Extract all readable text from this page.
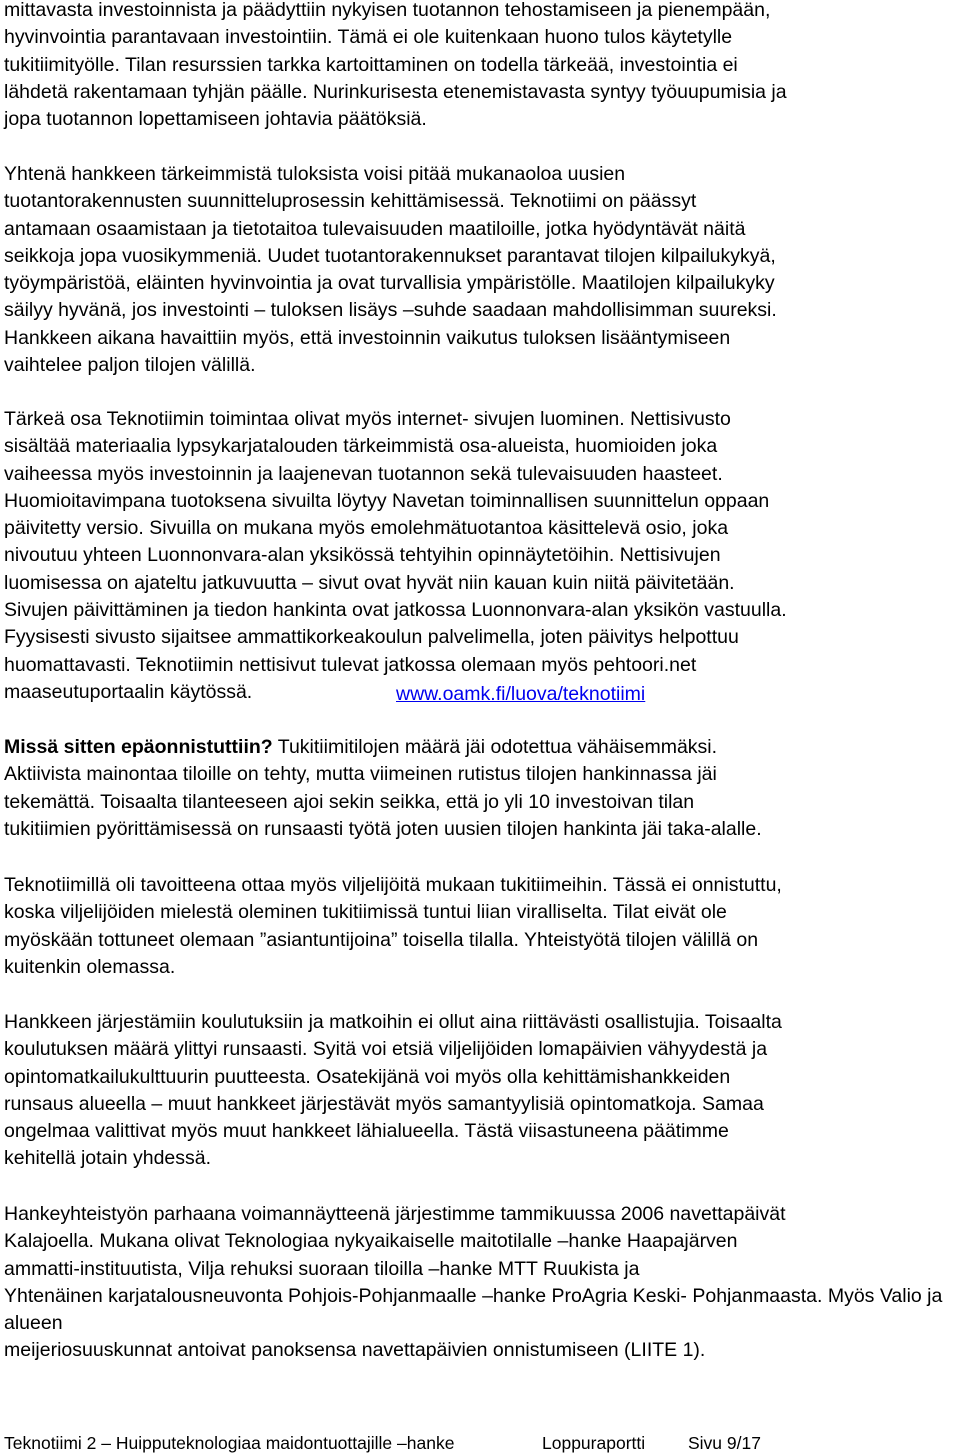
mittavasta investoinnista ja päädyttiin nykyisen tuotannon tehostamiseen ja pienempään,
hyvinvointia parantavaan investointiin. Tämä ei ole kuitenkaan huono tulos käytetylle
tukitiimityölle. Tilan resurssien tarkka kartoittaminen on todella tärkeää, investointia ei
lähdetä rakentamaan tyhjän päälle. Nurinkurisesta etenemistavasta syntyy työuupumisia ja
jopa tuotannon lopettamiseen johtavia päätöksiä.

Yhtenä hankkeen tärkeimmistä tuloksista voisi pitää mukanaoloa uusien
tuotantorakennusten suunnitteluprosessin kehittämisessä. Teknotiimi on päässyt
antamaan osaamistaan ja tietotaitoa tulevaisuuden maatiloille, jotka hyödyntävät näitä
seikkoja jopa vuosikymmeniä. Uudet tuotantorakennukset parantavat tilojen kilpailukykyä,
työympäristöä, eläinten hyvinvointia ja ovat turvallisia ympäristölle. Maatilojen kilpailukyky
säilyy hyvänä, jos investointi – tuloksen lisäys –suhde saadaan mahdollisimman suureksi.
Hankkeen aikana havaittiin myös, että investoinnin vaikutus tuloksen lisääntymiseen
vaihtelee paljon tilojen välillä.

Tärkeä osa Teknotiimin toimintaa olivat myös internet- sivujen luominen. Nettisivusto
sisältää materiaalia lypsykarjatalouden tärkeimmistä osa-alueista, huomioiden joka
vaiheessa myös investoinnin ja laajenevan tuotannon sekä tulevaisuuden haasteet.
Huomioitavimpana tuotoksena sivuilta löytyy Navetan toiminnallisen suunnittelun oppaan
päivitetty versio. Sivuilla on mukana myös emolehmätuotantoa käsittelevä osio, joka
nivoutuu yhteen Luonnonvara-alan yksikössä tehtyihin opinnäytetöihin. Nettisivujen
luomisessa on ajateltu jatkuvuutta – sivut ovat hyvät niin kauan kuin niitä päivitetään.
Sivujen päivittäminen ja tiedon hankinta ovat jatkossa Luonnonvara-alan yksikön vastuulla.
Fyysisesti sivusto sijaitsee ammattikorkeakoulun palvelimella, joten päivitys helpottuu
huomattavasti. Teknotiimin nettisivut tulevat jatkossa olemaan myös pehtoori.net
maaseutuportaalin käytössä.	www.oamk.fi/luova/teknotiimi

Missä sitten epäonnistuttiin? Tukitiimitilojen määrä jäi odotettua vähäisemmäksi.
Aktiivista mainontaa tiloille on tehty, mutta viimeinen rutistus tilojen hankinnassa jäi
tekemättä. Toisaalta tilanteeseen ajoi sekin seikka, että jo yli 10 investoivan tilan
tukitiimien pyörittämisessä on runsaasti työtä joten uusien tilojen hankinta jäi taka-alalle.

Teknotiimillä oli tavoitteena ottaa myös viljelijöitä mukaan tukitiimeihin. Tässä ei onnistuttu,
koska viljelijöiden mielestä oleminen tukitiimissä tuntui liian viralliselta. Tilat eivät ole
myöskään tottuneet olemaan ”asiantuntijoina” toisella tilalla. Yhteistyötä tilojen välillä on
kuitenkin olemassa.

Hankkeen järjestämiin koulutuksiin ja matkoihin ei ollut aina riittävästi osallistujia. Toisaalta
koulutuksen määrä ylittyi runsaasti. Syitä voi etsiä viljelijöiden lomapäivien vähyydestä ja
opintomatkailukulttuurin puutteesta. Osatekijänä voi myös olla kehittämishankkeiden
runsaus alueella – muut hankkeet järjestävät myös samantyylisiä opintomatkoja. Samaa
ongelmaa valittivat myös muut hankkeet lähialueella. Tästä viisastuneena päätimme
kehitellä jotain yhdessä.

Hankeyhteistyön parhaana voimannäytteenä järjestimme tammikuussa 2006 navettapäivät
Kalajoella. Mukana olivat Teknologiaa nykyaikaiselle maitotilalle –hanke Haapajärven
ammatti-instituutista, Vilja rehuksi suoraan tiloilla –hanke MTT Ruukista ja
Yhtenäinen karjatalousneuvonta Pohjois-Pohjanmaalle –hanke ProAgria Keski- Pohjanmaasta. Myös Valio ja alueen
meijeriosuuskunnat antoivat panoksensa navettapäivien onnistumiseen (LIITE 1).

Teknotiimi 2 – Huipputeknologiaa maidontuottajille –hanke	Loppuraportti Sivu 9/17
